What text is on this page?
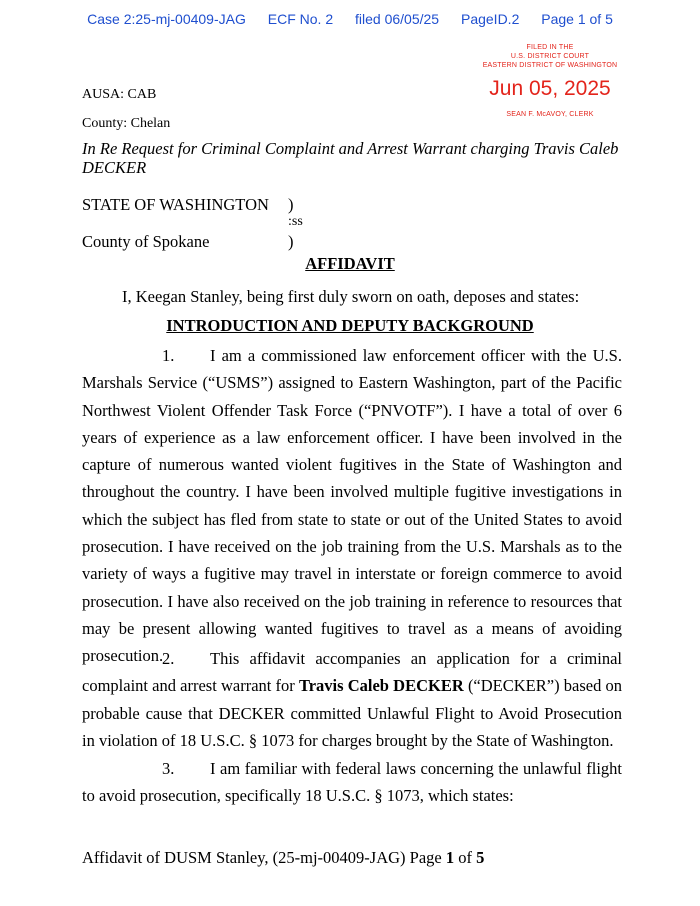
Case 2:25-mj-00409-JAG ECF No. 2 filed 06/05/25 PageID.2 Page 1 of 5
FILED IN THE
U.S. DISTRICT COURT
EASTERN DISTRICT OF WASHINGTON
Jun 05, 2025
SEAN F. McAVOY, CLERK
AUSA: CAB
County: Chelan
In Re Request for Criminal Complaint and Arrest Warrant charging Travis Caleb
DECKER
STATE OF WASHINGTON )
:ss
County of Spokane	)
AFFIDAVIT
I, Keegan Stanley, being first duly sworn on oath, deposes and states:
INTRODUCTION AND DEPUTY BACKGROUND
1. I am a commissioned law enforcement officer with the U.S. Marshals Service (“USMS”) assigned to Eastern Washington, part of the Pacific Northwest Violent Offender Task Force (“PNVOTF”). I have a total of over 6 years of experience as a law enforcement officer. I have been involved in the capture of numerous wanted violent fugitives in the State of Washington and throughout the country. I have been involved multiple fugitive investigations in which the subject has fled from state to state or out of the United States to avoid prosecution. I have received on the job training from the U.S. Marshals as to the variety of ways a fugitive may travel in interstate or foreign commerce to avoid prosecution. I have also received on the job training in reference to resources that may be present allowing wanted fugitives to travel as a means of avoiding prosecution.
2. This affidavit accompanies an application for a criminal complaint and arrest warrant for Travis Caleb DECKER (“DECKER”) based on probable cause that DECKER committed Unlawful Flight to Avoid Prosecution in violation of 18 U.S.C. § 1073 for charges brought by the State of Washington.
3. I am familiar with federal laws concerning the unlawful flight to avoid prosecution, specifically 18 U.S.C. § 1073, which states:
Affidavit of DUSM Stanley, (25-mj-00409-JAG) Page 1 of 5
